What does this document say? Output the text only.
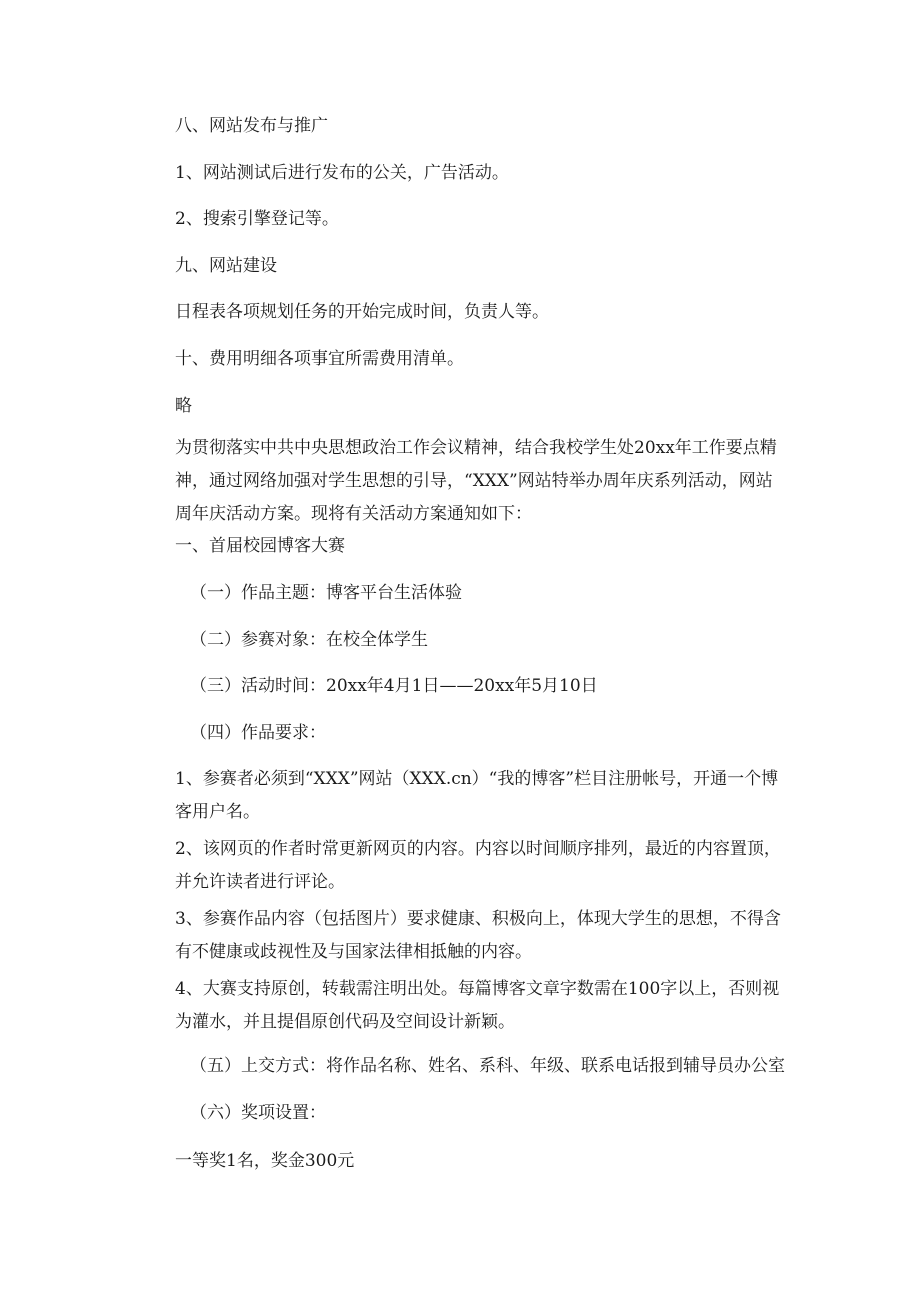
八、网站发布与推广
1、网站测试后进行发布的公关，广告活动。
2、搜索引擎登记等。
九、网站建设
日程表各项规划任务的开始完成时间，负责人等。
十、费用明细各项事宜所需费用清单。
略
为贯彻落实中共中央思想政治工作会议精神，结合我校学生处20xx年工作要点精神，通过网络加强对学生思想的引导，“XXX”网站特举办周年庆系列活动，网站周年庆活动方案。现将有关活动方案通知如下：
一、首届校园博客大赛
（一）作品主题：博客平台生活体验
（二）参赛对象：在校全体学生
（三）活动时间：20xx年4月1日——20xx年5月10日
（四）作品要求：
1、参赛者必须到“XXX”网站（XXX.cn）“我的博客”栏目注册帐号，开通一个博客用户名。
2、该网页的作者时常更新网页的内容。内容以时间顺序排列，最近的内容置顶，并允许读者进行评论。
3、参赛作品内容（包括图片）要求健康、积极向上，体现大学生的思想，不得含有不健康或歧视性及与国家法律相抵触的内容。
4、大赛支持原创，转载需注明出处。每篇博客文章字数需在100字以上，否则视为灌水，并且提倡原创代码及空间设计新颖。
（五）上交方式：将作品名称、姓名、系科、年级、联系电话报到辅导员办公室
（六）奖项设置：
一等奖1名，奖金300元
